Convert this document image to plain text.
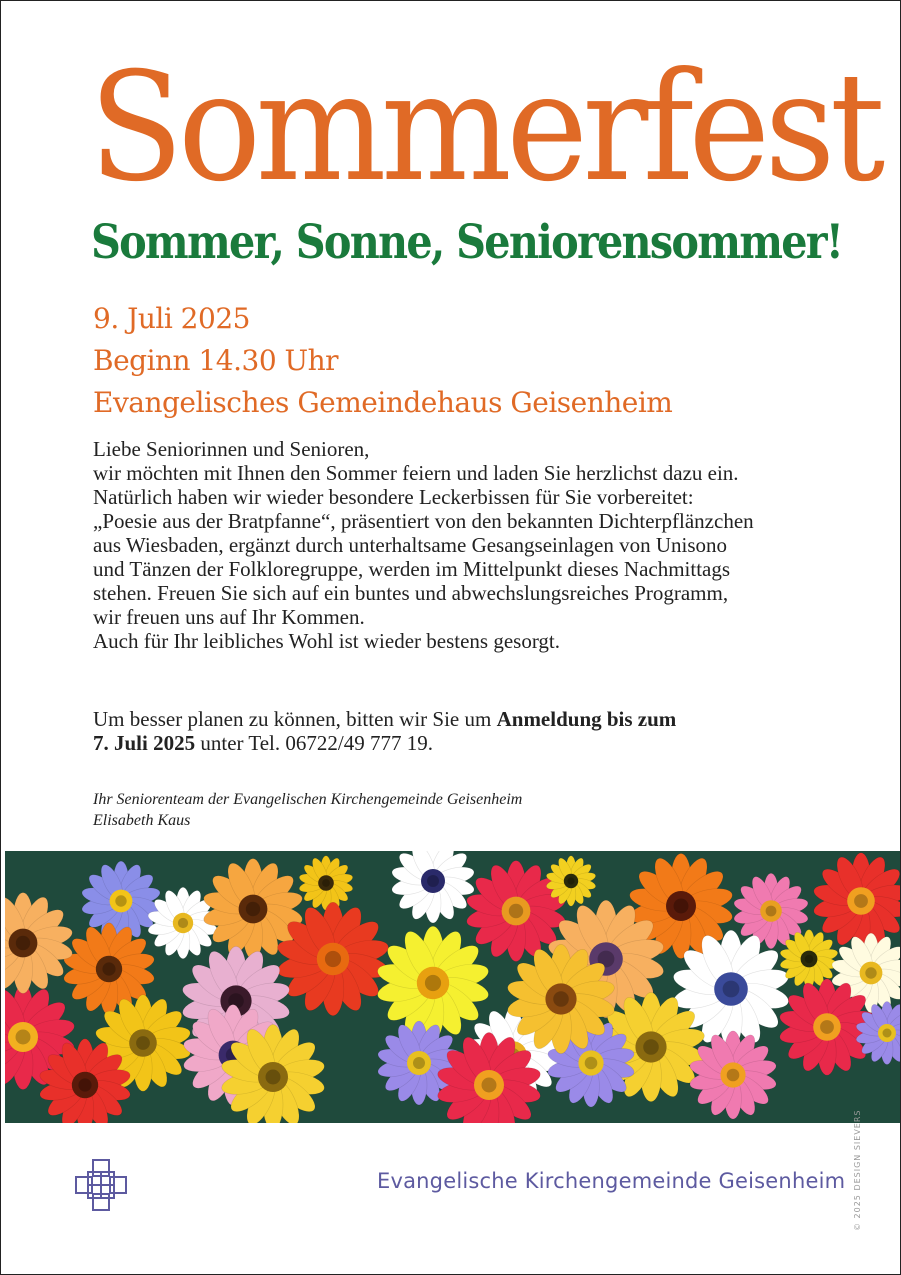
Sommerfest
Sommer, Sonne, Seniorensommer!
9. Juli 2025
Beginn 14.30 Uhr
Evangelisches Gemeindehaus Geisenheim
Liebe Seniorinnen und Senioren,
wir möchten mit Ihnen den Sommer feiern und laden Sie herzlichst dazu ein.
Natürlich haben wir wieder besondere Leckerbissen für Sie vorbereitet:
„Poesie aus der Bratpfanne“, präsentiert von den bekannten Dichterpflänzchen
aus Wiesbaden, ergänzt durch unterhaltsame Gesangseinlagen von Unisono
und Tänzen der Folkloregruppe, werden im Mittelpunkt dieses Nachmittags
stehen. Freuen Sie sich auf ein buntes und abwechslungsreiches Programm,
wir freuen uns auf Ihr Kommen.
Auch für Ihr leibliches Wohl ist wieder bestens gesorgt.
Um besser planen zu können, bitten wir Sie um Anmeldung bis zum
7. Juli 2025 unter Tel. 06722/49 777 19.
Ihr Seniorenteam der Evangelischen Kirchengemeinde Geisenheim
Elisabeth Kaus
Evangelische Kirchengemeinde Geisenheim © 2025 DESIGN SIEVERS
